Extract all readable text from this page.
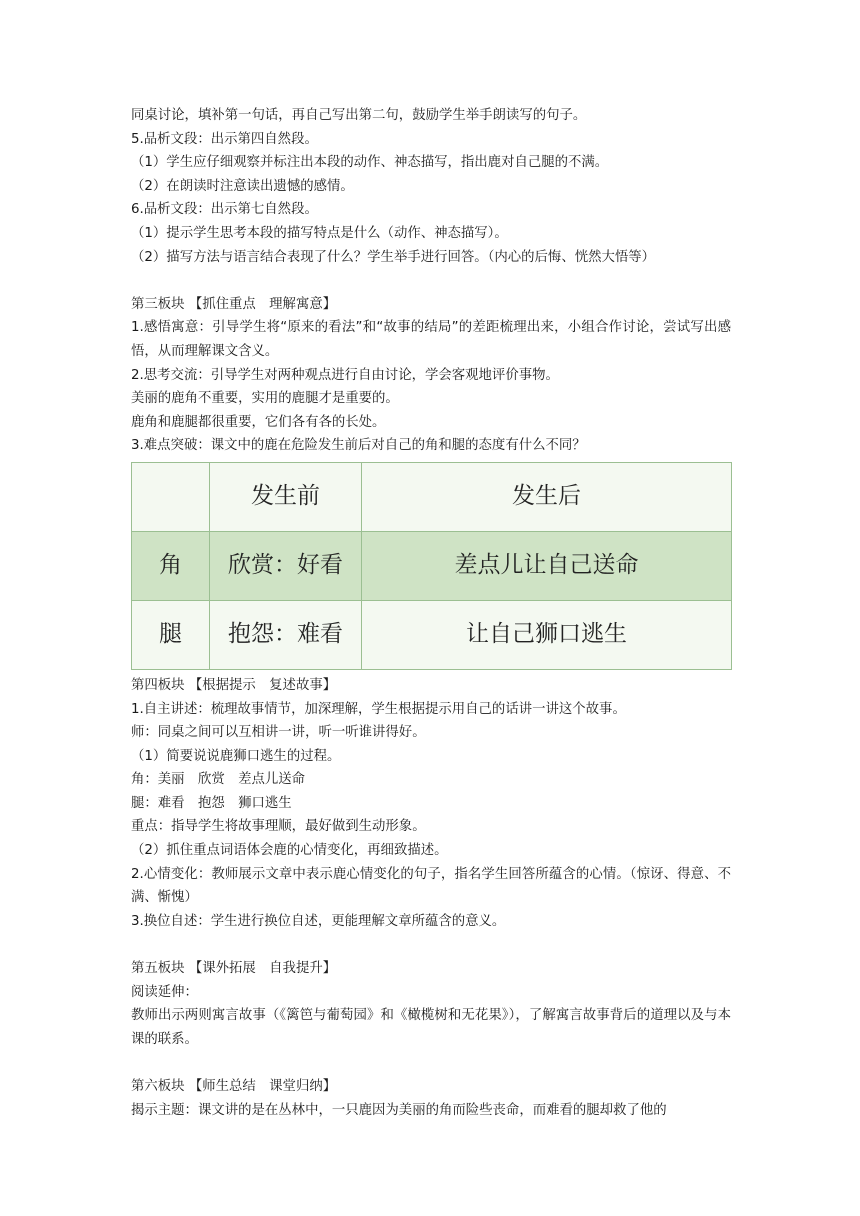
同桌讨论，填补第一句话，再自己写出第二句，鼓励学生举手朗读写的句子。
5.品析文段：出示第四自然段。
（1）学生应仔细观察并标注出本段的动作、神态描写，指出鹿对自己腿的不满。
（2）在朗读时注意读出遗憾的感情。
6.品析文段：出示第七自然段。
（1）提示学生思考本段的描写特点是什么（动作、神态描写）。
（2）描写方法与语言结合表现了什么？学生举手进行回答。（内心的后悔、恍然大悟等）
第三板块 【抓住重点　理解寓意】
1.感悟寓意：引导学生将“原来的看法”和“故事的结局”的差距梳理出来，小组合作讨论，尝试写出感悟，从而理解课文含义。
2.思考交流：引导学生对两种观点进行自由讨论，学会客观地评价事物。
美丽的鹿角不重要，实用的鹿腿才是重要的。
鹿角和鹿腿都很重要，它们各有各的长处。
3.难点突破：课文中的鹿在危险发生前后对自己的角和腿的态度有什么不同？
	发生前	发生后
角	欣赏：好看	差点儿让自己送命
腿	抱怨：难看	让自己狮口逃生
第四板块 【根据提示　复述故事】
1.自主讲述：梳理故事情节，加深理解，学生根据提示用自己的话讲一讲这个故事。
师：同桌之间可以互相讲一讲，听一听谁讲得好。
（1）简要说说鹿狮口逃生的过程。
角：美丽　欣赏　差点儿送命
腿：难看　抱怨　狮口逃生
重点：指导学生将故事理顺，最好做到生动形象。
（2）抓住重点词语体会鹿的心情变化，再细致描述。
2.心情变化：教师展示文章中表示鹿心情变化的句子，指名学生回答所蕴含的心情。（惊讶、得意、不满、惭愧）
3.换位自述：学生进行换位自述，更能理解文章所蕴含的意义。
第五板块 【课外拓展　自我提升】
阅读延伸：
教师出示两则寓言故事（《篱笆与葡萄园》和《橄榄树和无花果》），了解寓言故事背后的道理以及与本课的联系。
第六板块 【师生总结　课堂归纳】
揭示主题：课文讲的是在丛林中，一只鹿因为美丽的角而险些丧命，而难看的腿却救了他的
